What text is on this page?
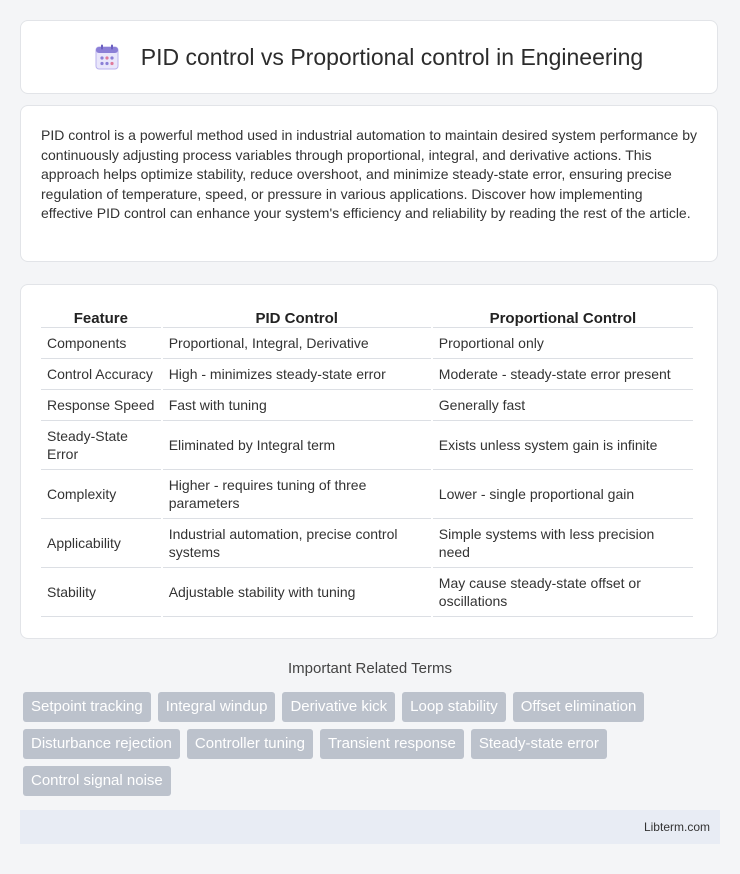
PID control vs Proportional control in Engineering

PID control is a powerful method used in industrial automation to maintain desired system performance by continuously adjusting process variables through proportional, integral, and derivative actions. This approach helps optimize stability, reduce overshoot, and minimize steady-state error, ensuring precise regulation of temperature, speed, or pressure in various applications. Discover how implementing effective PID control can enhance your system's efficiency and reliability by reading the rest of the article.

Feature	PID Control	Proportional Control
Components	Proportional, Integral, Derivative	Proportional only
Control Accuracy	High - minimizes steady-state error	Moderate - steady-state error present
Response Speed	Fast with tuning	Generally fast
Steady-State Error	Eliminated by Integral term	Exists unless system gain is infinite
Complexity	Higher - requires tuning of three parameters	Lower - single proportional gain
Applicability	Industrial automation, precise control systems	Simple systems with less precision need
Stability	Adjustable stability with tuning	May cause steady-state offset or oscillations
Important Related Terms
Setpoint tracking	Integral windup	Derivative kick	Loop stability	Offset elimination
Disturbance rejection	Controller tuning	Transient response	Steady-state error
Control signal noise
Libterm.com
